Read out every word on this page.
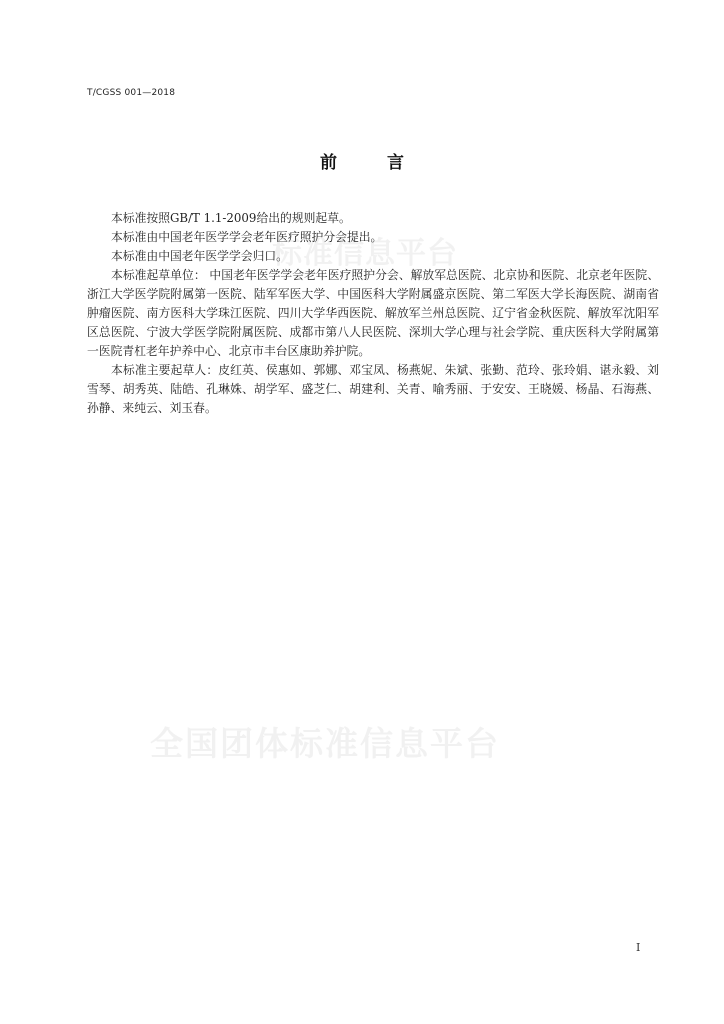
标准信息平台
全国团体标准信息平台
T/CGSS 001—2018
前 言

本标准按照GB/T 1.1-2009给出的规则起草。

本标准由中国老年医学学会老年医疗照护分会提出。

本标准由中国老年医学学会归口。

本标准起草单位： 中国老年医学学会老年医疗照护分会、解放军总医院、北京协和医院、北京老年医院、浙江大学医学院附属第一医院、陆军军医大学、中国医科大学附属盛京医院、第二军医大学长海医院、湖南省肿瘤医院、南方医科大学珠江医院、四川大学华西医院、解放军兰州总医院、辽宁省金秋医院、解放军沈阳军区总医院、宁波大学医学院附属医院、成都市第八人民医院、深圳大学心理与社会学院、重庆医科大学附属第一医院青杠老年护养中心、北京市丰台区康助养护院。

本标准主要起草人：皮红英、侯惠如、郭娜、邓宝凤、杨燕妮、朱斌、张勤、范玲、张玲娟、谌永毅、刘雪琴、胡秀英、陆皓、孔琳姝、胡学军、盛芝仁、胡建利、关青、喻秀丽、于安安、王晓媛、杨晶、石海燕、孙静、来纯云、刘玉春。

I
